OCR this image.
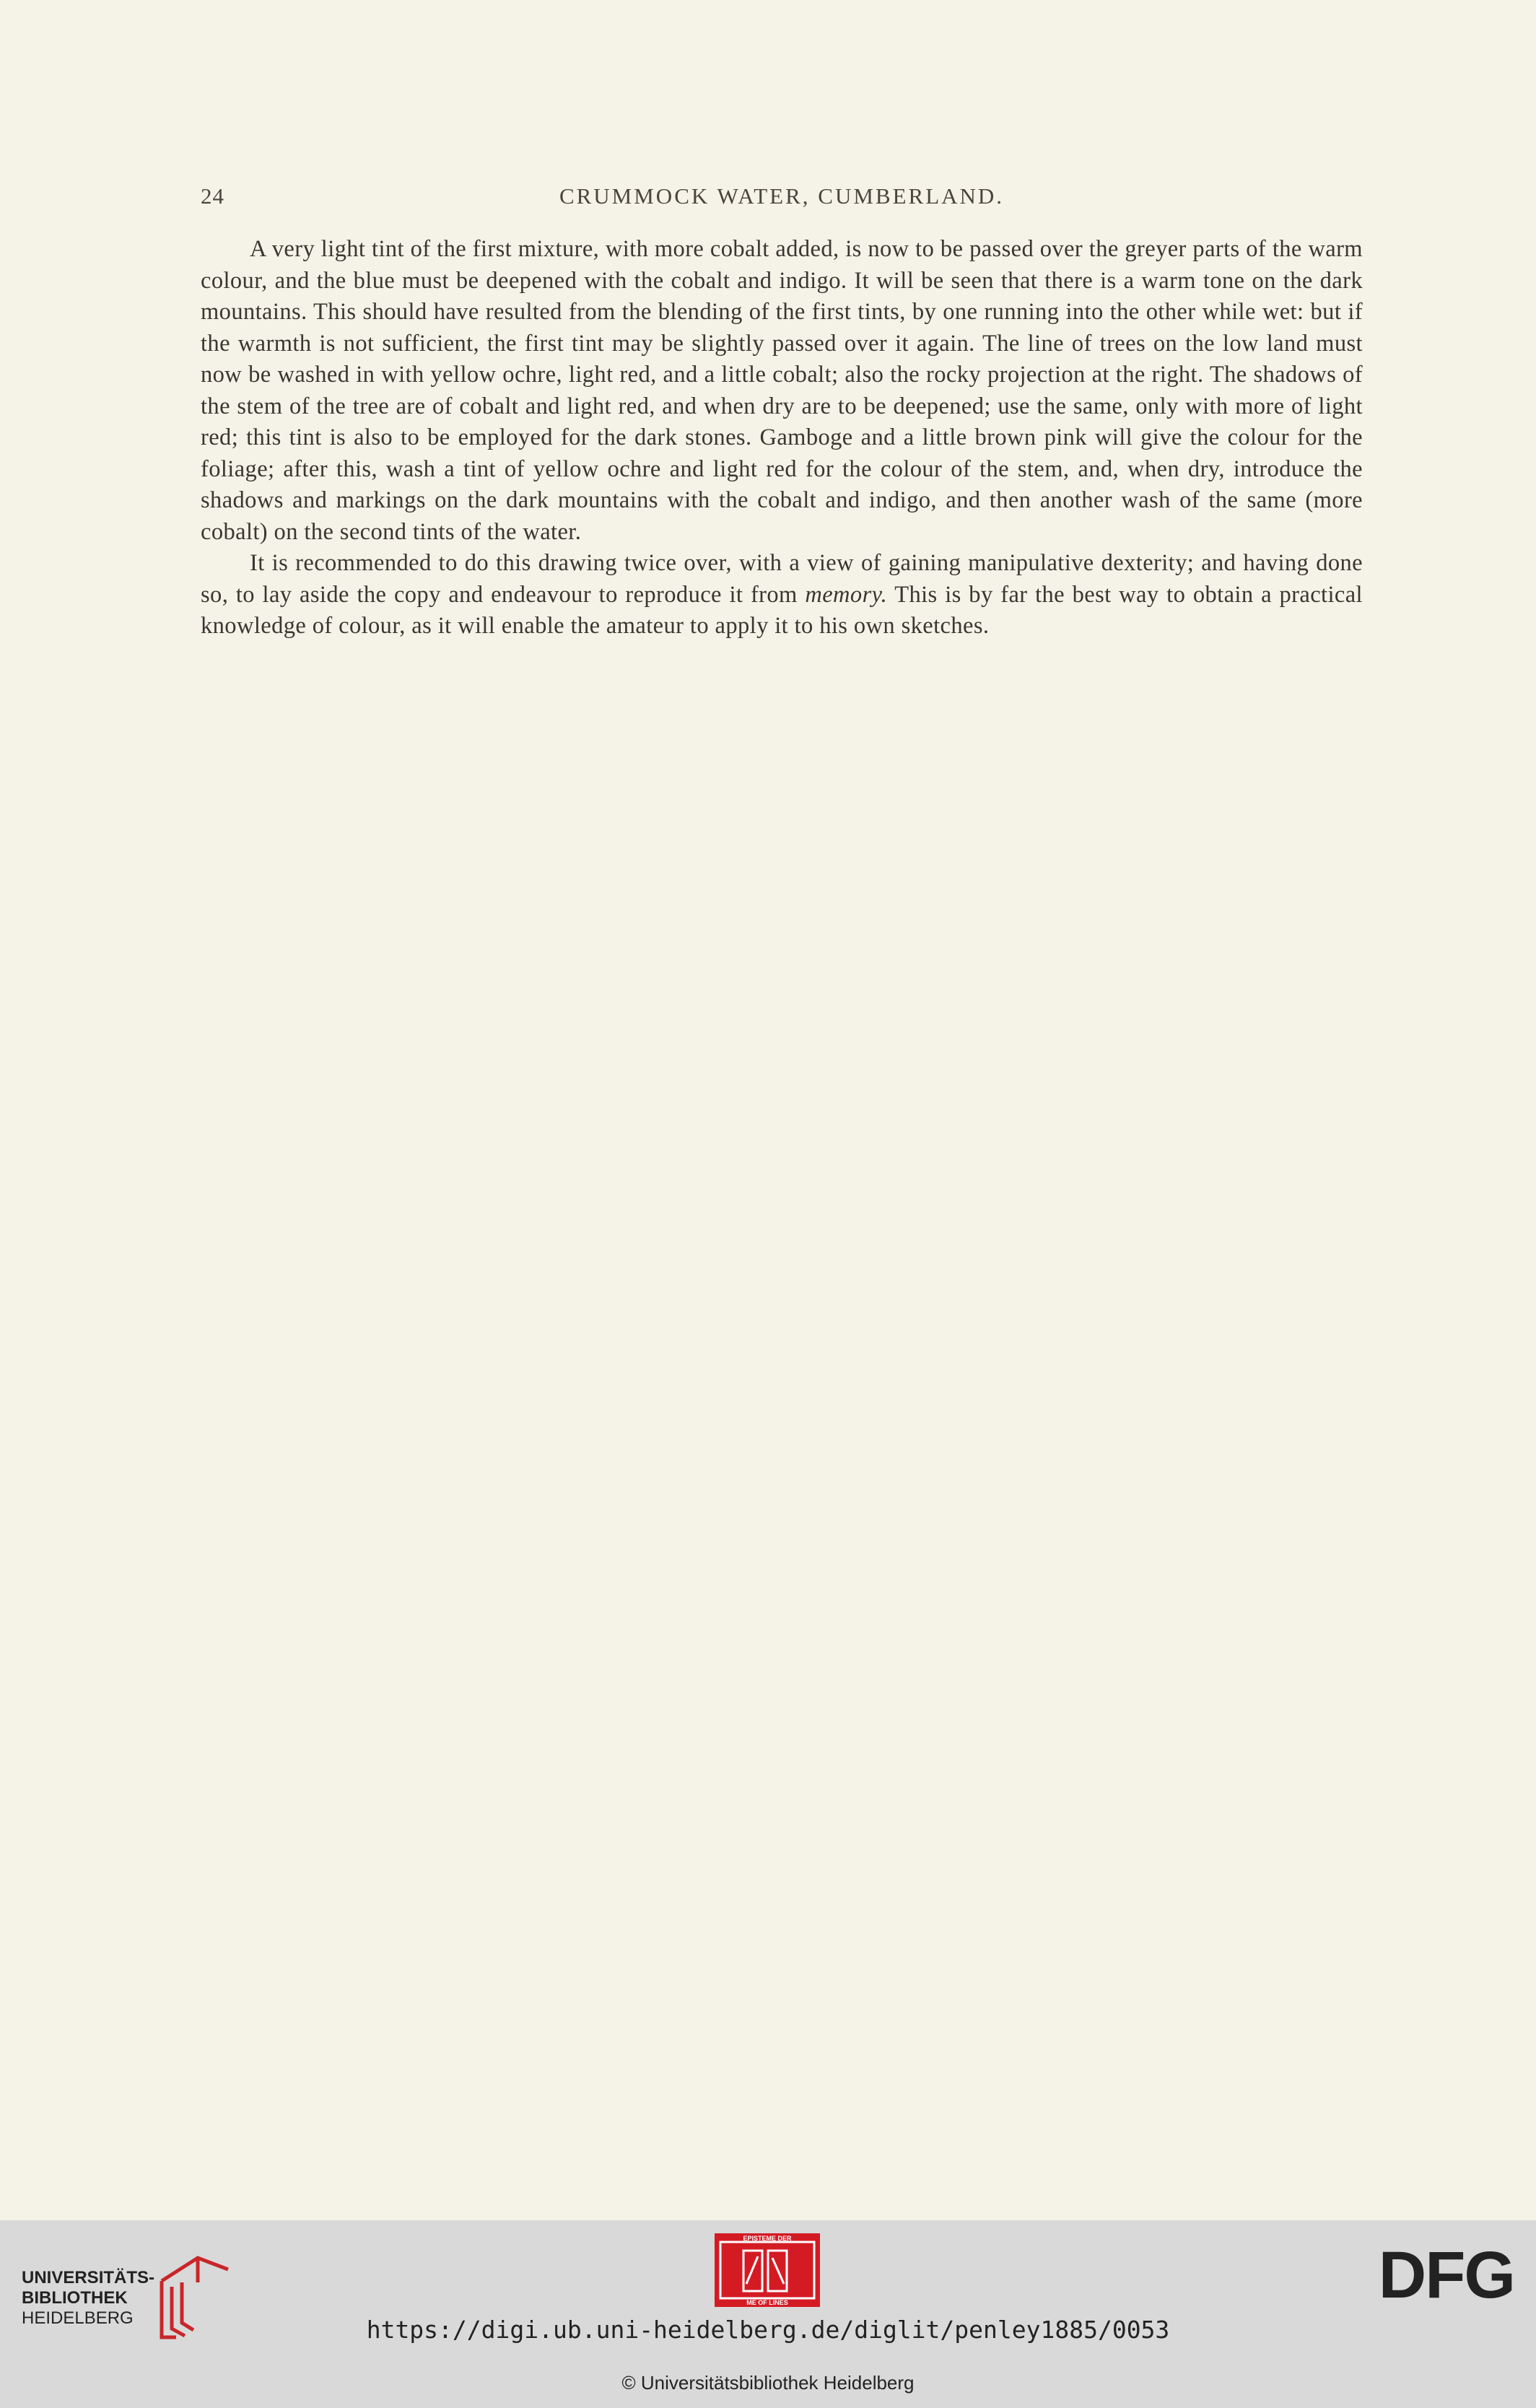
24	CRUMMOCK WATER, CUMBERLAND.

A very light tint of the first mixture, with more cobalt added, is now to be passed over the greyer parts of the warm colour, and the blue must be deepened with the cobalt and indigo. It will be seen that there is a warm tone on the dark mountains. This should have resulted from the blending of the first tints, by one running into the other while wet: but if the warmth is not sufficient, the first tint may be slightly passed over it again. The line of trees on the low land must now be washed in with yellow ochre, light red, and a little cobalt; also the rocky projection at the right. The shadows of the stem of the tree are of cobalt and light red, and when dry are to be deepened; use the same, only with more of light red; this tint is also to be employed for the dark stones. Gamboge and a little brown pink will give the colour for the foliage; after this, wash a tint of yellow ochre and light red for the colour of the stem, and, when dry, introduce the shadows and markings on the dark mountains with the cobalt and indigo, and then another wash of the same (more cobalt) on the second tints of the water.

It is recommended to do this drawing twice over, with a view of gaining manipulative dexterity; and having done so, to lay aside the copy and endeavour to reproduce it from memory. This is by far the best way to obtain a practical knowledge of colour, as it will enable the amateur to apply it to his own sketches.

UNIVERSITÄTS-
BIBLIOTHEK
HEIDELBERG
EPISTEME DER
ME OF LINES	DFG
https://digi.ub.uni-heidelberg.de/diglit/penley1885/0053
© Universitätsbibliothek Heidelberg
